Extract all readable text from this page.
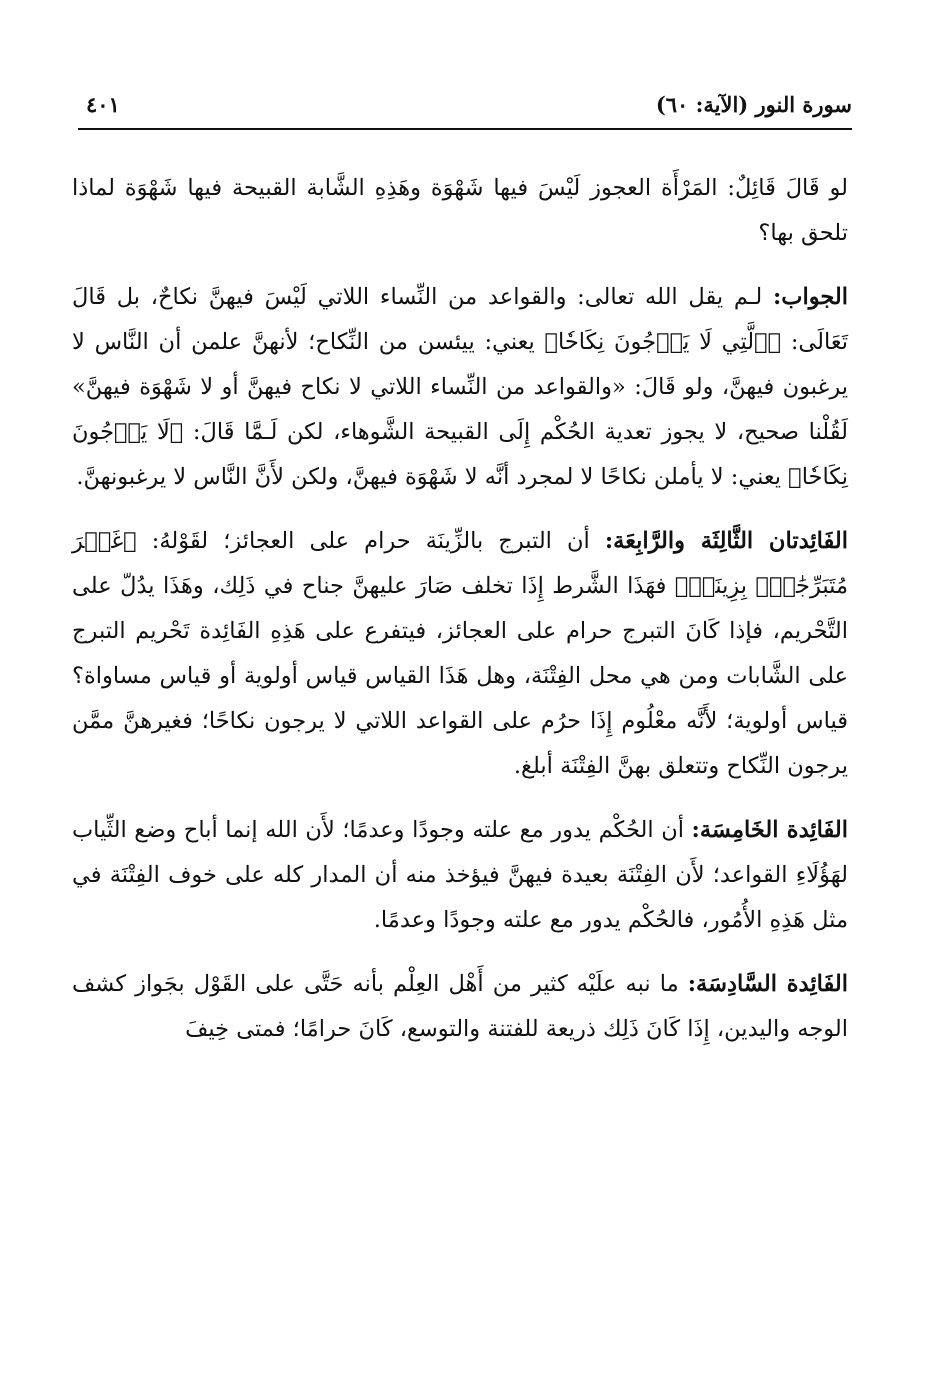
سورة النور (الآية: ٦٠)
٤٠١

لو قَالَ قَائِلٌ: المَرْأَة العجوز لَيْسَ فيها شَهْوَة وهَذِهِ الشَّابة القبيحة فيها شَهْوَة لماذا تلحق بها؟

الجواب: لـم يقل الله تعالى: والقواعد من النِّساء اللاتي لَيْسَ فيهنَّ نكاحٌ، بل قَالَ تَعَالَى: ﴿ٱلَّتِي لَا يَرۡجُونَ نِكَاحٗا﴾ يعني: ييئسن من النِّكاح؛ لأنهنَّ علمن أن النَّاس لا يرغبون فيهنَّ، ولو قَالَ: «والقواعد من النِّساء اللاتي لا نكاح فيهنَّ أو لا شَهْوَة فيهنَّ» لَقُلْنا صحيح، لا يجوز تعدية الحُكْم إِلَى القبيحة الشَّوهاء، لكن لَـمَّا قَالَ: ﴿لَا يَرۡجُونَ نِكَاحٗا﴾ يعني: لا يأملن نكاحًا لا لمجرد أنَّه لا شَهْوَة فيهنَّ، ولكن لأَنَّ النَّاس لا يرغبونهنَّ.

الفَائِدتان الثَّالِثَة والرَّابِعَة: أن التبرج بالزِّينَة حرام على العجائز؛ لقَوْلهُ: ﴿غَيۡرَ مُتَبَرِّجَٰتِۭ بِزِينَةٖ﴾ فهَذَا الشَّرط إِذَا تخلف صَارَ عليهنَّ جناح في ذَلِك، وهَذَا يدُلّ على التَّحْريم، فإذا كَانَ التبرج حرام على العجائز، فيتفرع على هَذِهِ الفَائِدة تَحْريم التبرج على الشَّابات ومن هي محل الفِتْنَة، وهل هَذَا القياس قياس أولوية أو قياس مساواة؟ قياس أولوية؛ لأَنَّه معْلُوم إِذَا حرُم على القواعد اللاتي لا يرجون نكاحًا؛ فغيرهنَّ ممَّن يرجون النِّكاح وتتعلق بهنَّ الفِتْنَة أبلغ.

الفَائِدة الخَامِسَة: أن الحُكْم يدور مع علته وجودًا وعدمًا؛ لأَن الله إنما أباح وضع الثِّياب لهَؤُلَاءِ القواعد؛ لأَن الفِتْنَة بعيدة فيهنَّ فيؤخذ منه أن المدار كله على خوف الفِتْنَة في مثل هَذِهِ الأُمُور، فالحُكْم يدور مع علته وجودًا وعدمًا.

الفَائِدة السَّادِسَة: ما نبه علَيْه كثير من أَهْل العِلْم بأنه حَتَّى على القَوْل بجَواز كشف الوجه واليدين، إِذَا كَانَ ذَلِك ذريعة للفتنة والتوسع، كَانَ حرامًا؛ فمتى خِيفَ
